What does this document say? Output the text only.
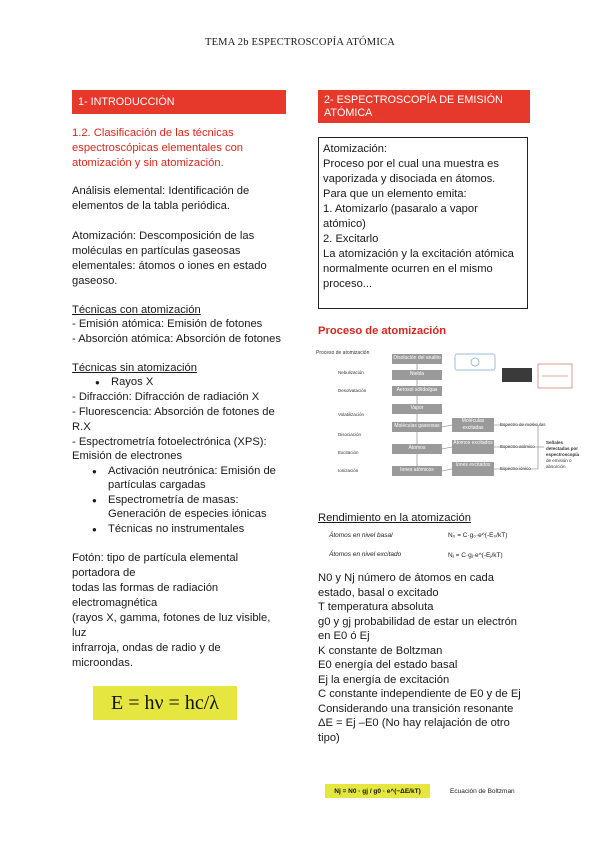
TEMA 2b ESPECTROSCOPÍA ATÓMICA
1- INTRODUCCIÓN
1.2. Clasificación de las técnicas
espectroscópicas elementales con
atomización y sin atomización.
Análisis elemental: Identificación de
elementos de la tabla periódica.
Atomización: Descomposición de las
moléculas en partículas gaseosas
elementales: átomos o iones en estado
gaseoso.
Técnicas con atomización
- Emisión atómica: Emisión de fotones
- Absorción atómica: Absorción de fotones
Técnicas sin atomización
● Rayos X
- Difracción: Difracción de radiación X
- Fluorescencia: Absorción de fotones de
R.X
- Espectrometría fotoelectrónica (XPS):
Emisión de electrones
● Activación neutrónica: Emisión de
partículas cargadas
● Espectrometría de masas:
Generación de especies iónicas
● Técnicas no instrumentales
Fotón: tipo de partícula elemental
portadora de
todas las formas de radiación
electromagnética
(rayos X, gamma, fotones de luz visible,
luz
infrarroja, ondas de radio y de
microondas.
E = hν = hc/λ
2- ESPECTROSCOPÍA DE EMISIÓN
ATÓMICA
Atomización:
Proceso por el cual una muestra es
vaporizada y disociada en átomos.
Para que un elemento emita:
1. Atomizarlo (pasaralo a vapor
atómico)
2. Excitarlo
La atomización y la excitación atómica
normalmente ocurren en el mismo
proceso...
Proceso de atomización
Proceso de atomización
Nebulización
Desolvatación
Volatilización
Disociación
Excitación
Ionización
Disolución del analito
Niebla
Aerosol sólido/gas
Vapor
Moléculas gaseosas
Átomos
Iones atómicos
Moléculas excitadas
Átomos excitados
Iones excitados
Espectro de moléculas
Espectro atómico
Espectro iónico
Señales
detectadas por
espectroscopía
de emisión o
absorción
Rendimiento en la atomización
Átomos en nivel basal	N₀ = C·g₀·e^(-E₀/kT)
Átomos en nivel excitado	Nⱼ = C·gⱼ·e^(-Eⱼ/kT)
N0 y Nj número de átomos en cada
estado, basal o excitado
T temperatura absoluta
g0 y gj probabilidad de estar un electrón
en E0 ó Ej
K constante de Boltzman
E0 energía del estado basal
Ej la energía de excitación
C constante independiente de E0 y de Ej
Considerando una transición resonante
ΔE = Ej –E0 (No hay relajación de otro
tipo)
Nj = N0 · gj / g0 · e^(−ΔE/kT)	Ecuación de Boltzman
